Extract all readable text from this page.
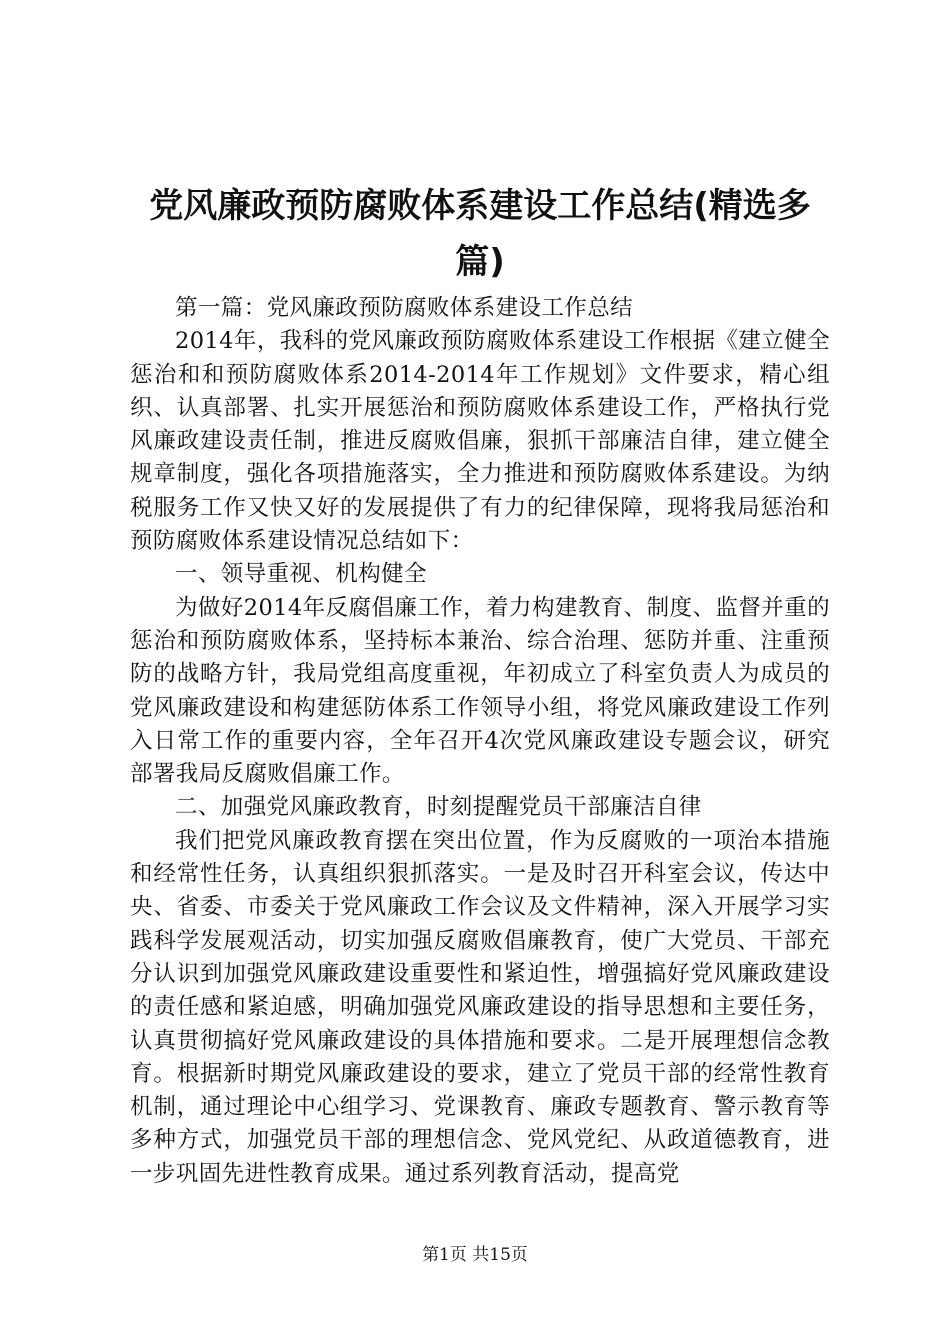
党风廉政预防腐败体系建设工作总结(精选多篇)

第一篇：党风廉政预防腐败体系建设工作总结

2014年，我科的党风廉政预防腐败体系建设工作根据《建立健全惩治和和预防腐败体系2014-2014年工作规划》文件要求，精心组织、认真部署、扎实开展惩治和预防腐败体系建设工作，严格执行党风廉政建设责任制，推进反腐败倡廉，狠抓干部廉洁自律，建立健全规章制度，强化各项措施落实，全力推进和预防腐败体系建设。为纳税服务工作又快又好的发展提供了有力的纪律保障，现将我局惩治和预防腐败体系建设情况总结如下：

一、领导重视、机构健全

为做好2014年反腐倡廉工作，着力构建教育、制度、监督并重的惩治和预防腐败体系，坚持标本兼治、综合治理、惩防并重、注重预防的战略方针，我局党组高度重视，年初成立了科室负责人为成员的党风廉政建设和构建惩防体系工作领导小组，将党风廉政建设工作列入日常工作的重要内容，全年召开4次党风廉政建设专题会议，研究部署我局反腐败倡廉工作。

二、加强党风廉政教育，时刻提醒党员干部廉洁自律

我们把党风廉政教育摆在突出位置，作为反腐败的一项治本措施和经常性任务，认真组织狠抓落实。一是及时召开科室会议，传达中央、省委、市委关于党风廉政工作会议及文件精神，深入开展学习实践科学发展观活动，切实加强反腐败倡廉教育，使广大党员、干部充分认识到加强党风廉政建设重要性和紧迫性，增强搞好党风廉政建设的责任感和紧迫感，明确加强党风廉政建设的指导思想和主要任务，认真贯彻搞好党风廉政建设的具体措施和要求。二是开展理想信念教育。根据新时期党风廉政建设的要求，建立了党员干部的经常性教育机制，通过理论中心组学习、党课教育、廉政专题教育、警示教育等多种方式，加强党员干部的理想信念、党风党纪、从政道德教育，进一步巩固先进性教育成果。通过系列教育活动，提高党

第1页 共15页
